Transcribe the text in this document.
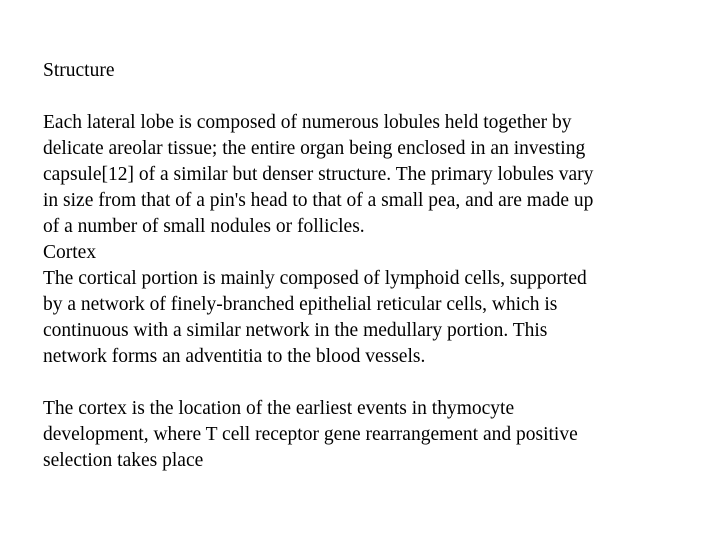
Structure
Each lateral lobe is composed of numerous lobules held together by
delicate areolar tissue; the entire organ being enclosed in an investing
capsule[12] of a similar but denser structure. The primary lobules vary
in size from that of a pin's head to that of a small pea, and are made up
of a number of small nodules or follicles.
Cortex
The cortical portion is mainly composed of lymphoid cells, supported
by a network of finely-branched epithelial reticular cells, which is
continuous with a similar network in the medullary portion. This
network forms an adventitia to the blood vessels.
The cortex is the location of the earliest events in thymocyte
development, where T cell receptor gene rearrangement and positive
selection takes place
